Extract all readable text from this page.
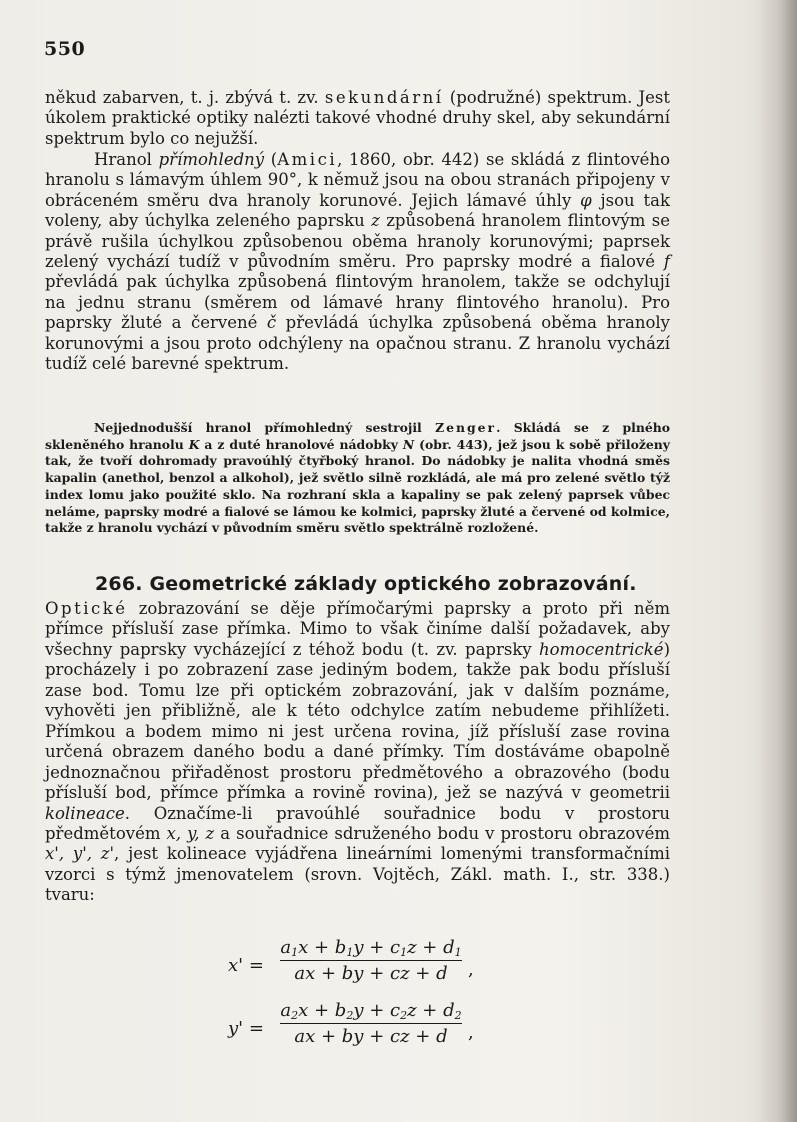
550

někud zabarven, t. j. zbývá t. zv. sekundární (podružné) spektrum. Jest úkolem praktické optiky nalézti takové vhodné druhy skel, aby sekundární spektrum bylo co nejužší.

Hranol přímohledný (Amici, 1860, obr. 442) se skládá z flintového hranolu s lámavým úhlem 90°, k němuž jsou na obou stranách připojeny v obráceném směru dva hranoly korunové. Jejich lámavé úhly φ jsou tak voleny, aby úchylka zeleného paprsku z způsobená hranolem flintovým se právě rušila úchylkou způsobenou oběma hranoly korunovými; paprsek zelený vychází tudíž v původním směru. Pro paprsky modré a fialové f převládá pak úchylka způsobená flintovým hranolem, takže se odchylují na jednu stranu (směrem od lámavé hrany flintového hranolu). Pro paprsky žluté a červené č převládá úchylka způsobená oběma hranoly korunovými a jsou proto odchýleny na opačnou stranu. Z hranolu vychází tudíž celé barevné spektrum.

Nejjednodušší hranol přímohledný sestrojil Zenger. Skládá se z plného skleněného hranolu K a z duté hranolové nádobky N (obr. 443), jež jsou k sobě přiloženy tak, že tvoří dohromady pravoúhlý čtyřboký hranol. Do nádobky je nalita vhodná směs kapalin (anethol, benzol a alkohol), jež světlo silně rozkládá, ale má pro zelené světlo týž index lomu jako použité sklo. Na rozhraní skla a kapaliny se pak zelený paprsek vůbec neláme, paprsky modré a fialové se lámou ke kolmici, paprsky žluté a červené od kolmice, takže z hranolu vychází v původním směru světlo spektrálně rozložené.

266. Geometrické základy optického zobrazování.

Optické zobrazování se děje přímočarými paprsky a proto při něm přímce přísluší zase přímka. Mimo to však činíme další požadavek, aby všechny paprsky vycházející z téhož bodu (t. zv. paprsky homocentrické) procházely i po zobrazení zase jediným bodem, takže pak bodu přísluší zase bod. Tomu lze při optickém zobrazování, jak v dalším poznáme, vyhověti jen přibližně, ale k této odchylce zatím nebudeme přihlížeti. Přímkou a bodem mimo ni jest určena rovina, jíž přísluší zase rovina určená obrazem daného bodu a dané přímky. Tím dostáváme obapolně jednoznačnou přiřaděnost prostoru předmětového a obrazového (bodu přísluší bod, přímce přímka a rovině rovina), jež se nazývá v geometrii kolineace. Označíme-li pravoúhlé souřadnice bodu v prostoru předmětovém x, y, z a souřadnice sdruženého bodu v prostoru obrazovém x', y', z', jest kolineace vyjádřena lineárními lomenými transformačními vzorci s týmž jmenovatelem (srovn. Vojtěch, Zákl. math. I., str. 338.) tvaru:

x' =
$a_1x + b_1y + c_1z + d_1$
ax + by + cz + d	,
y' =
$a_2x + b_2y + c_2z + d_2$
ax + by + cz + d	,
